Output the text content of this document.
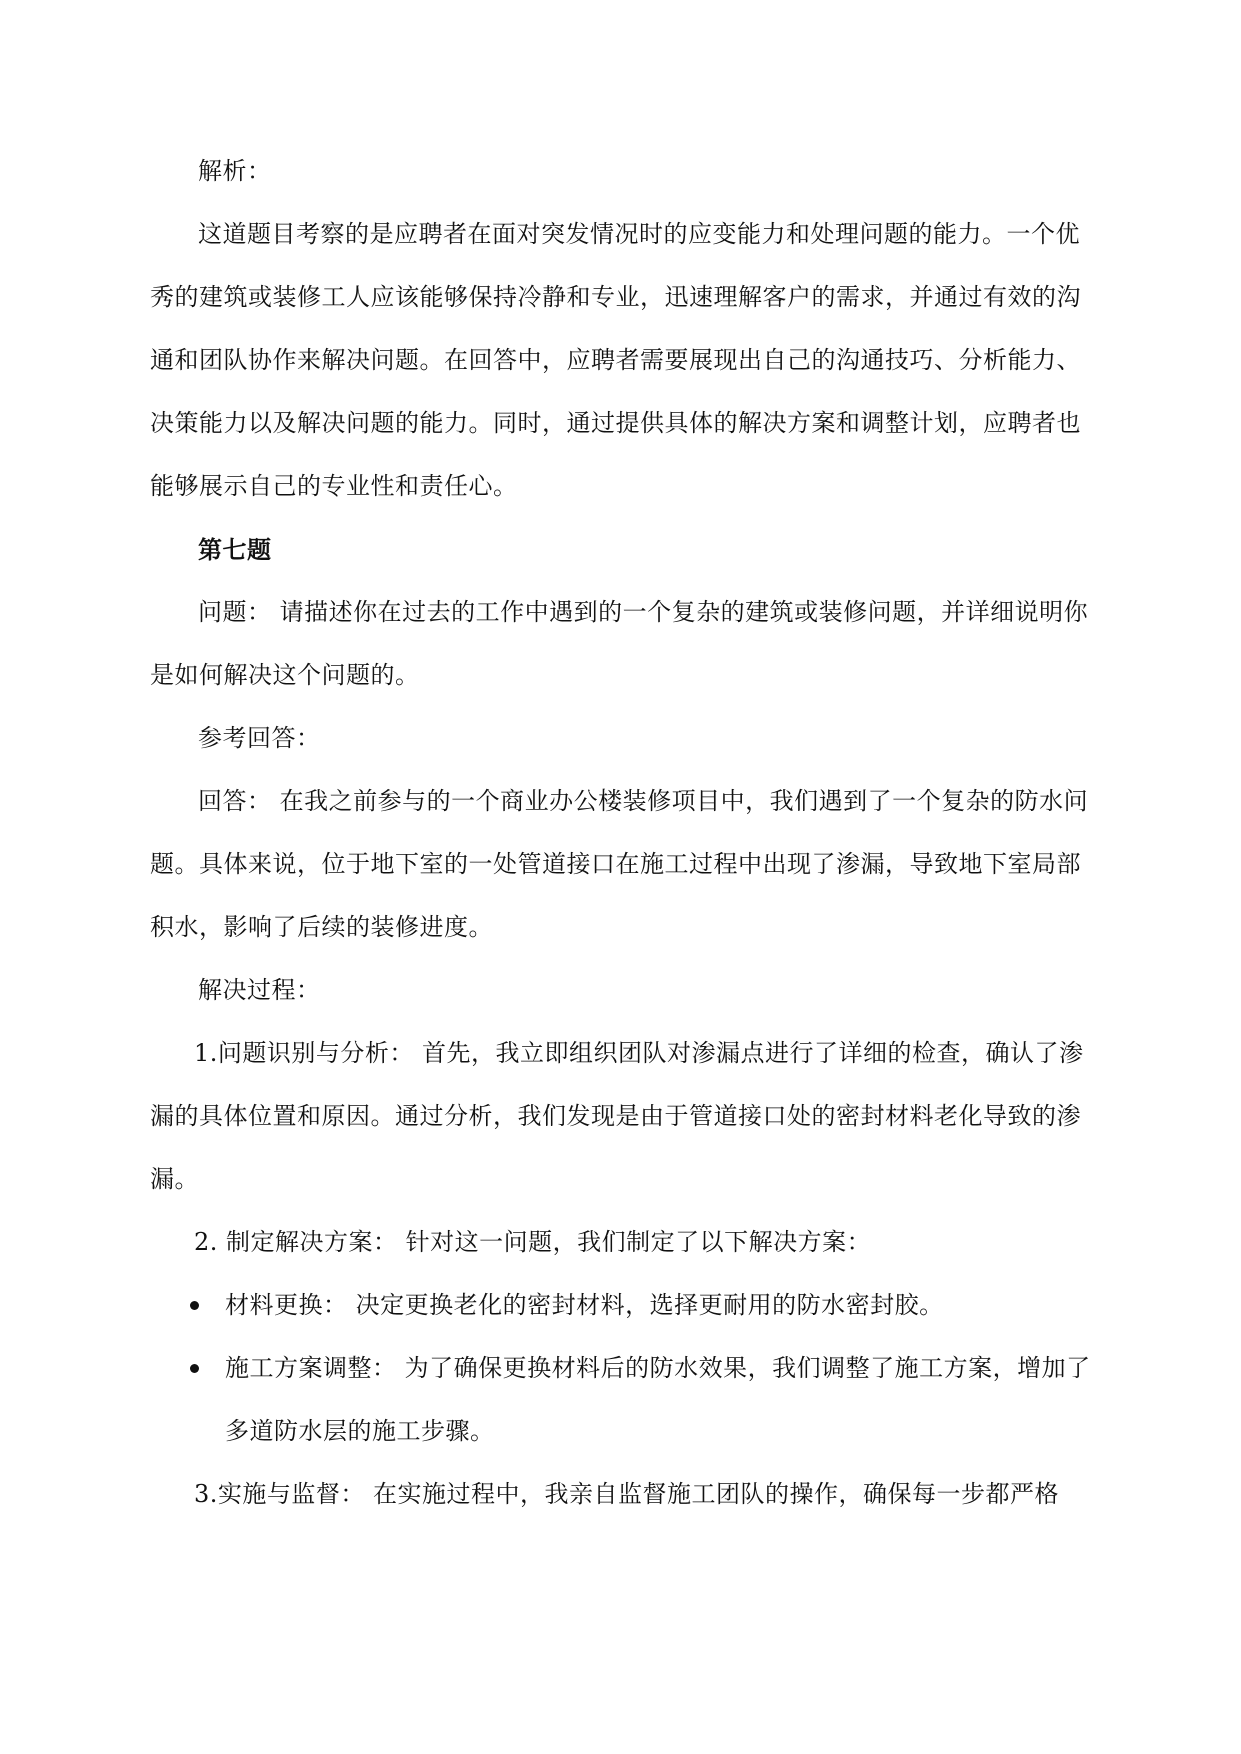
解析：

这道题目考察的是应聘者在面对突发情况时的应变能力和处理问题的能力。一个优秀的建筑或装修工人应该能够保持冷静和专业，迅速理解客户的需求，并通过有效的沟通和团队协作来解决问题。在回答中，应聘者需要展现出自己的沟通技巧、分析能力、决策能力以及解决问题的能力。同时，通过提供具体的解决方案和调整计划，应聘者也能够展示自己的专业性和责任心。

第七题

问题： 请描述你在过去的工作中遇到的一个复杂的建筑或装修问题，并详细说明你是如何解决这个问题的。

参考回答：

回答： 在我之前参与的一个商业办公楼装修项目中，我们遇到了一个复杂的防水问题。具体来说，位于地下室的一处管道接口在施工过程中出现了渗漏，导致地下室局部积水，影响了后续的装修进度。

解决过程：

1.问题识别与分析： 首先，我立即组织团队对渗漏点进行了详细的检查，确认了渗漏的具体位置和原因。通过分析，我们发现是由于管道接口处的密封材料老化导致的渗漏。

2. 制定解决方案： 针对这一问题，我们制定了以下解决方案：

材料更换： 决定更换老化的密封材料，选择更耐用的防水密封胶。
施工方案调整： 为了确保更换材料后的防水效果，我们调整了施工方案，增加了多道防水层的施工步骤。

3.实施与监督： 在实施过程中，我亲自监督施工团队的操作，确保每一步都严格
